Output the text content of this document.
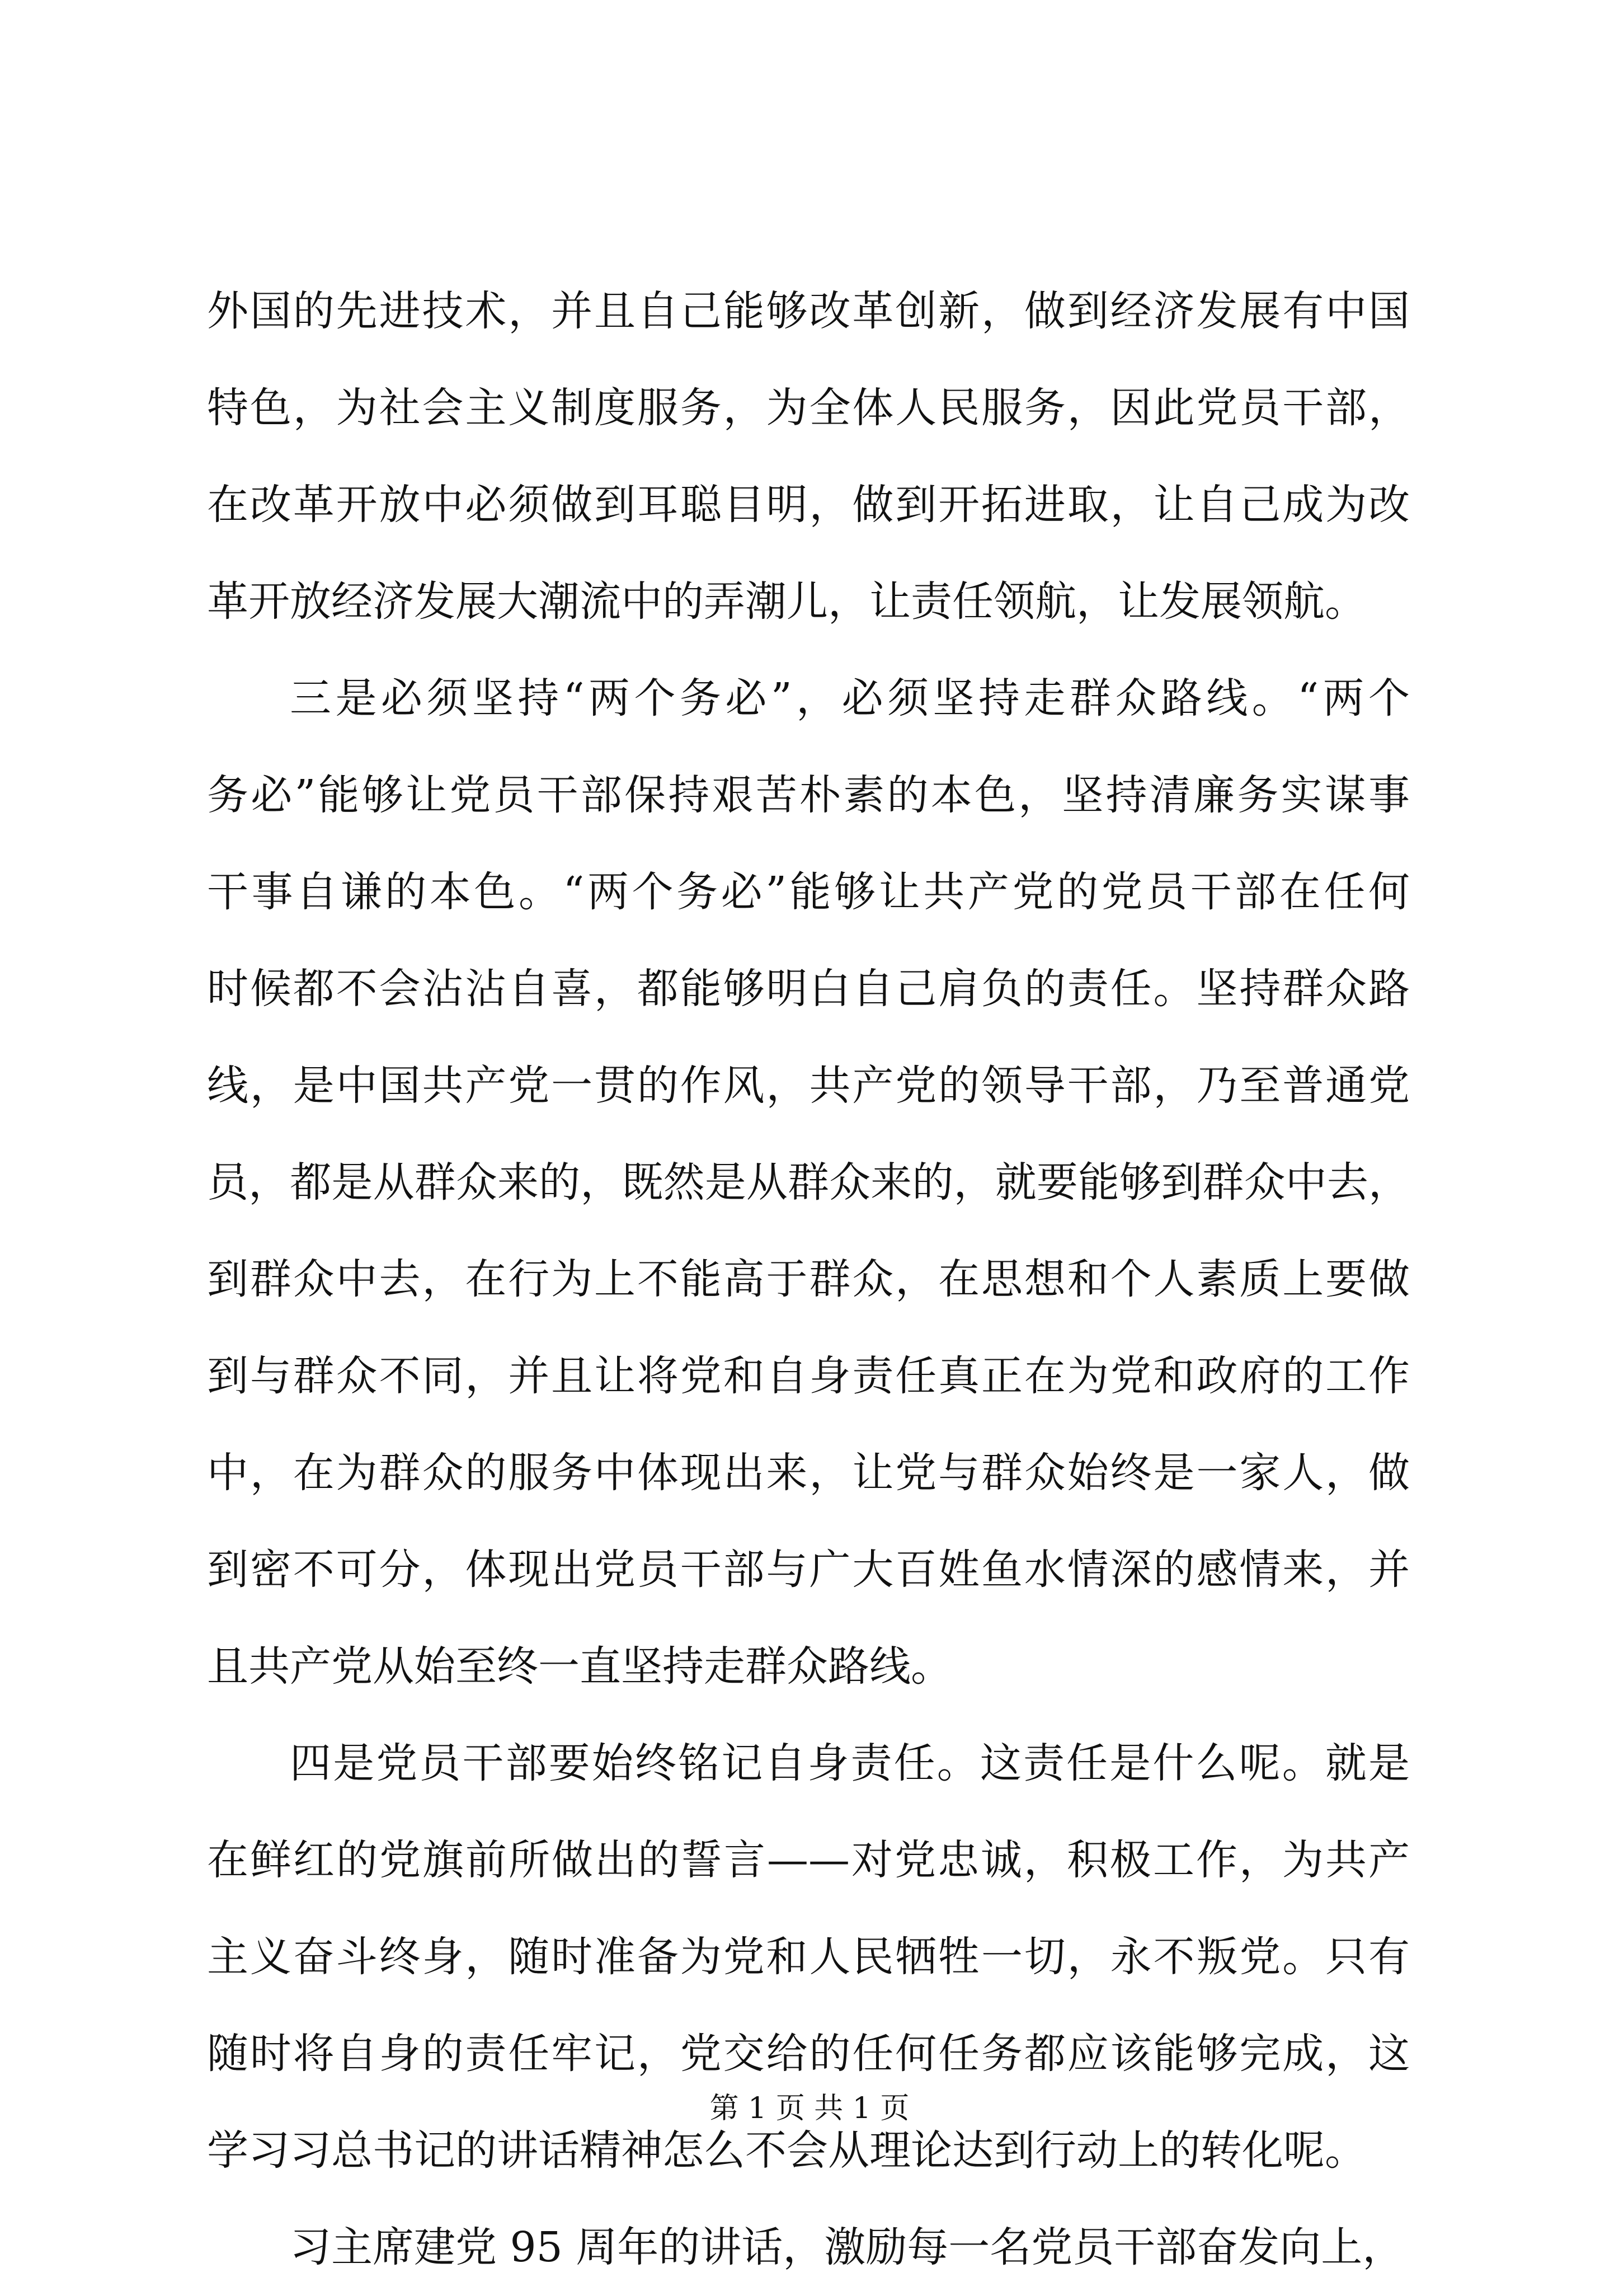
外国的先进技术，并且自己能够改革创新，做到经济发展有中国
特色，为社会主义制度服务，为全体人民服务，因此党员干部，
在改革开放中必须做到耳聪目明，做到开拓进取，让自己成为改
革开放经济发展大潮流中的弄潮儿，让责任领航，让发展领航。
三是必须坚持“两个务必”，必须坚持走群众路线。“两个
务必”能够让党员干部保持艰苦朴素的本色，坚持清廉务实谋事
干事自谦的本色。“两个务必”能够让共产党的党员干部在任何
时候都不会沾沾自喜，都能够明白自己肩负的责任。坚持群众路
线，是中国共产党一贯的作风，共产党的领导干部，乃至普通党
员，都是从群众来的，既然是从群众来的，就要能够到群众中去，
到群众中去，在行为上不能高于群众，在思想和个人素质上要做
到与群众不同，并且让将党和自身责任真正在为党和政府的工作
中，在为群众的服务中体现出来，让党与群众始终是一家人，做
到密不可分，体现出党员干部与广大百姓鱼水情深的感情来，并
且共产党从始至终一直坚持走群众路线。
四是党员干部要始终铭记自身责任。这责任是什么呢。就是
在鲜红的党旗前所做出的誓言——对党忠诚，积极工作，为共产
主义奋斗终身，随时准备为党和人民牺牲一切，永不叛党。只有
随时将自身的责任牢记，党交给的任何任务都应该能够完成，这
学习习总书记的讲话精神怎么不会从理论达到行动上的转化呢。
习主席建党 95 周年的讲话，激励每一名党员干部奋发向上，
第 1 页 共 1 页
